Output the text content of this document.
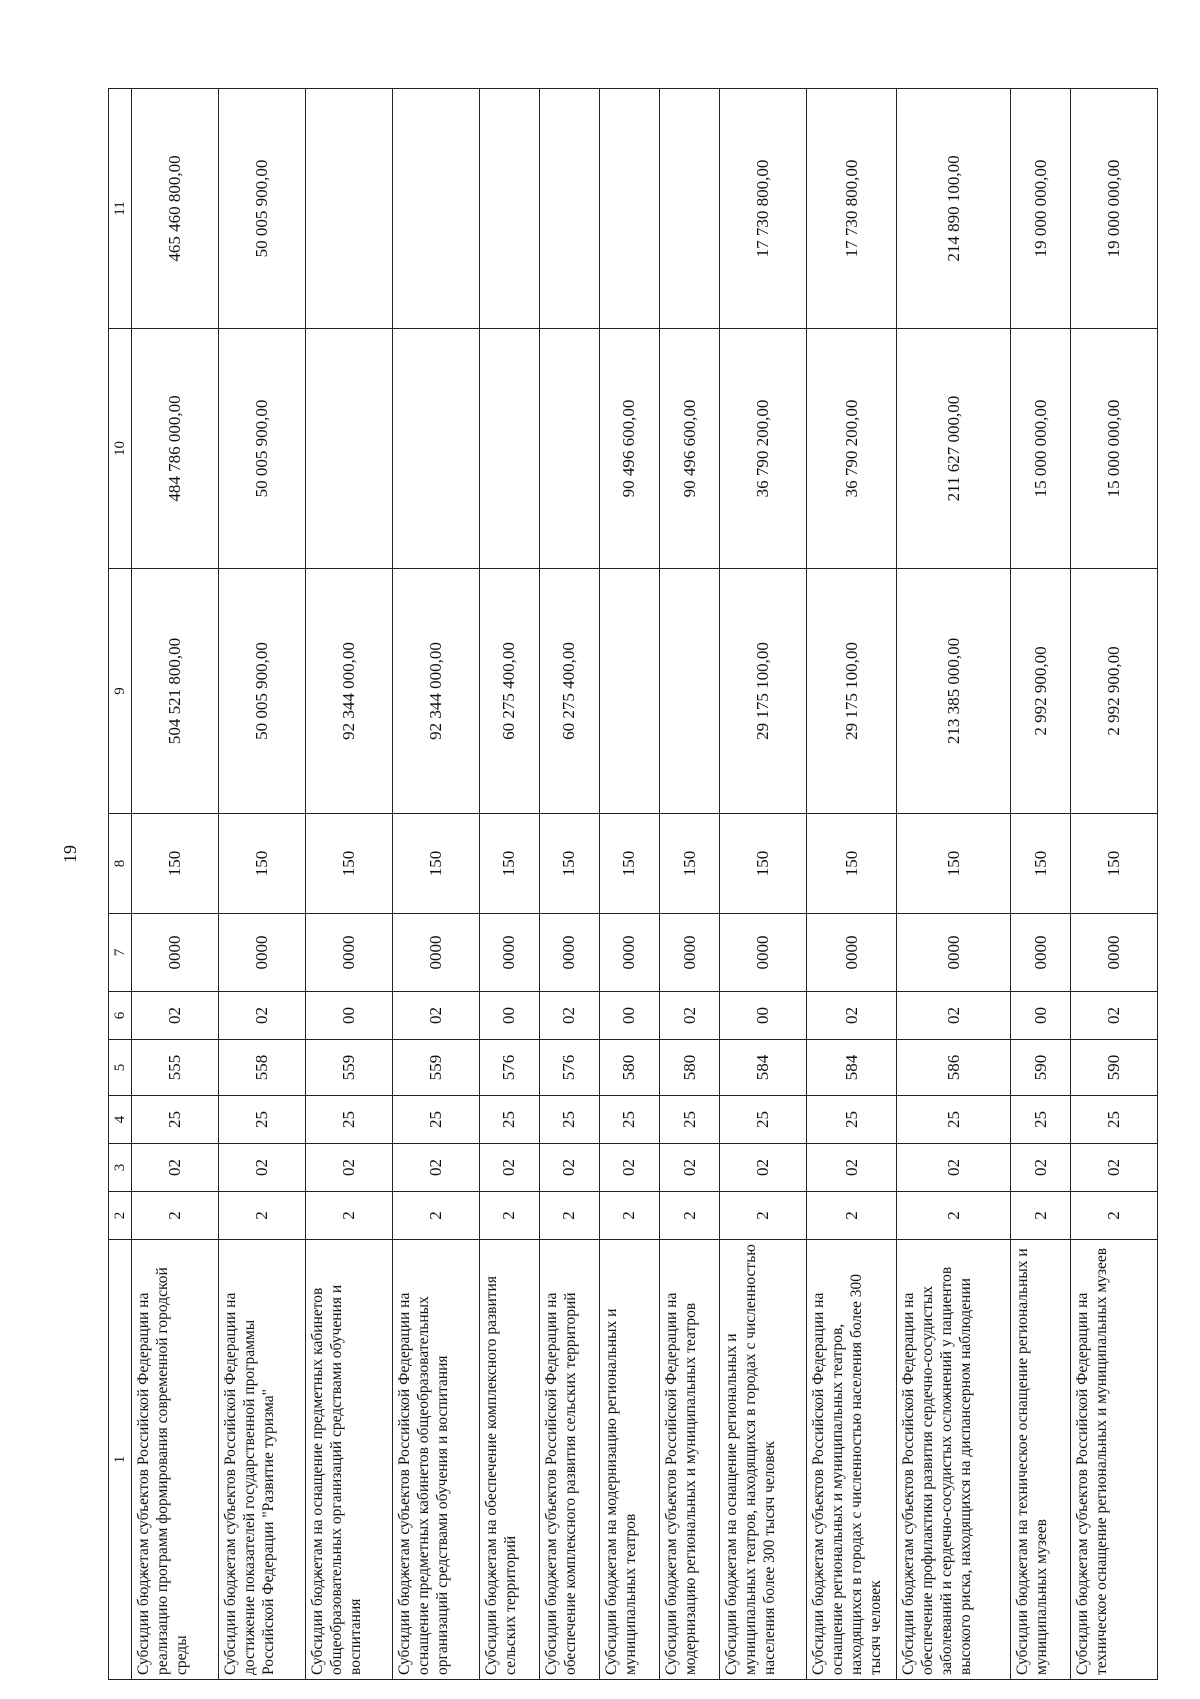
19
1	2	3	4	5	6	7	8	9	10	11
Субсидии бюджетам субъектов Российской Федерации на реализацию программ формирования современной городской среды	2	02	25	555	02	0000	150	504 521 800,00	484 786 000,00	465 460 800,00
Субсидии бюджетам субъектов Российской Федерации на достижение показателей государственной программы Российской Федерации "Развитие туризма"	2	02	25	558	02	0000	150	50 005 900,00	50 005 900,00	50 005 900,00
Субсидии бюджетам на оснащение предметных кабинетов общеобразовательных организаций средствами обучения и воспитания	2	02	25	559	00	0000	150	92 344 000,00		
Субсидии бюджетам субъектов Российской Федерации на оснащение предметных кабинетов общеобразовательных организаций средствами обучения и воспитания	2	02	25	559	02	0000	150	92 344 000,00		
Субсидии бюджетам на обеспечение комплексного развития сельских территорий	2	02	25	576	00	0000	150	60 275 400,00		
Субсидии бюджетам субъектов Российской Федерации на обеспечение комплексного развития сельских территорий	2	02	25	576	02	0000	150	60 275 400,00		
Субсидии бюджетам на модернизацию региональных и муниципальных театров	2	02	25	580	00	0000	150		90 496 600,00	
Субсидии бюджетам субъектов Российской Федерации на модернизацию региональных и муниципальных театров	2	02	25	580	02	0000	150		90 496 600,00	
Субсидии бюджетам на оснащение региональных и муниципальных театров, находящихся в городах с численностью населения более 300 тысяч человек	2	02	25	584	00	0000	150	29 175 100,00	36 790 200,00	17 730 800,00
Субсидии бюджетам субъектов Российской Федерации на оснащение региональных и муниципальных театров, находящихся в городах с численностью населения более 300 тысяч человек	2	02	25	584	02	0000	150	29 175 100,00	36 790 200,00	17 730 800,00
Субсидии бюджетам субъектов Российской Федерации на обеспечение профилактики развития сердечно-сосудистых заболеваний и сердечно-сосудистых осложнений у пациентов высокого риска, находящихся на диспансерном наблюдении	2	02	25	586	02	0000	150	213 385 000,00	211 627 000,00	214 890 100,00
Субсидии бюджетам на техническое оснащение региональных и муниципальных музеев	2	02	25	590	00	0000	150	2 992 900,00	15 000 000,00	19 000 000,00
Субсидии бюджетам субъектов Российской Федерации на техническое оснащение региональных и муниципальных музеев	2	02	25	590	02	0000	150	2 992 900,00	15 000 000,00	19 000 000,00
